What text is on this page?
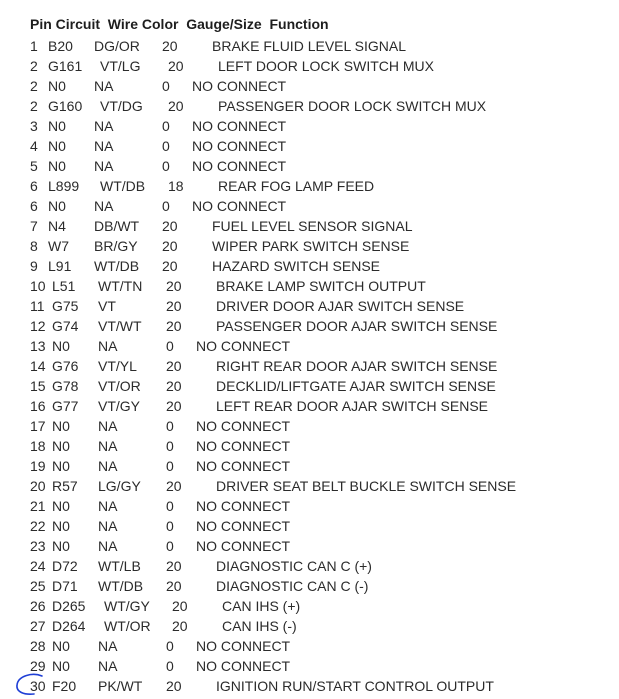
Pin Circuit  Wire Color  Gauge/Size  Function
1 B20 DG/OR 20 BRAKE FLUID LEVEL SIGNAL
2 G161 VT/LG 20 LEFT DOOR LOCK SWITCH MUX
2 N0 NA	0 NO CONNECT
2 G160 VT/DG 20 PASSENGER DOOR LOCK SWITCH MUX
3 N0 NA	0 NO CONNECT
4 N0 NA	0 NO CONNECT
5 N0 NA	0 NO CONNECT
6 L899 WT/DB 18 REAR FOG LAMP FEED
6 N0 NA	0 NO CONNECT
7 N4 DB/WT 20 FUEL LEVEL SENSOR SIGNAL
8 W7 BR/GY 20 WIPER PARK SWITCH SENSE
9 L91 WT/DB 20 HAZARD SWITCH SENSE
10 L51 WT/TN 20 BRAKE LAMP SWITCH OUTPUT
11 G75 VT	20 DRIVER DOOR AJAR SWITCH SENSE
12 G74 VT/WT 20 PASSENGER DOOR AJAR SWITCH SENSE
13 N0 NA	0 NO CONNECT
14 G76 VT/YL 20 RIGHT REAR DOOR AJAR SWITCH SENSE
15 G78 VT/OR 20 DECKLID/LIFTGATE AJAR SWITCH SENSE
16 G77 VT/GY 20 LEFT REAR DOOR AJAR SWITCH SENSE
17 N0 NA	0 NO CONNECT
18 N0 NA	0 NO CONNECT
19 N0 NA	0 NO CONNECT
20 R57 LG/GY 20 DRIVER SEAT BELT BUCKLE SWITCH SENSE
21 N0 NA	0 NO CONNECT
22 N0 NA	0 NO CONNECT
23 N0 NA	0 NO CONNECT
24 D72 WT/LB 20 DIAGNOSTIC CAN C (+)
25 D71 WT/DB 20 DIAGNOSTIC CAN C (-)
26 D265 WT/GY 20 CAN IHS (+)
27 D264 WT/OR 20 CAN IHS (-)
28 N0 NA	0 NO CONNECT
29 N0 NA	0 NO CONNECT
30 F20 PK/WT 20 IGNITION RUN/START CONTROL OUTPUT
